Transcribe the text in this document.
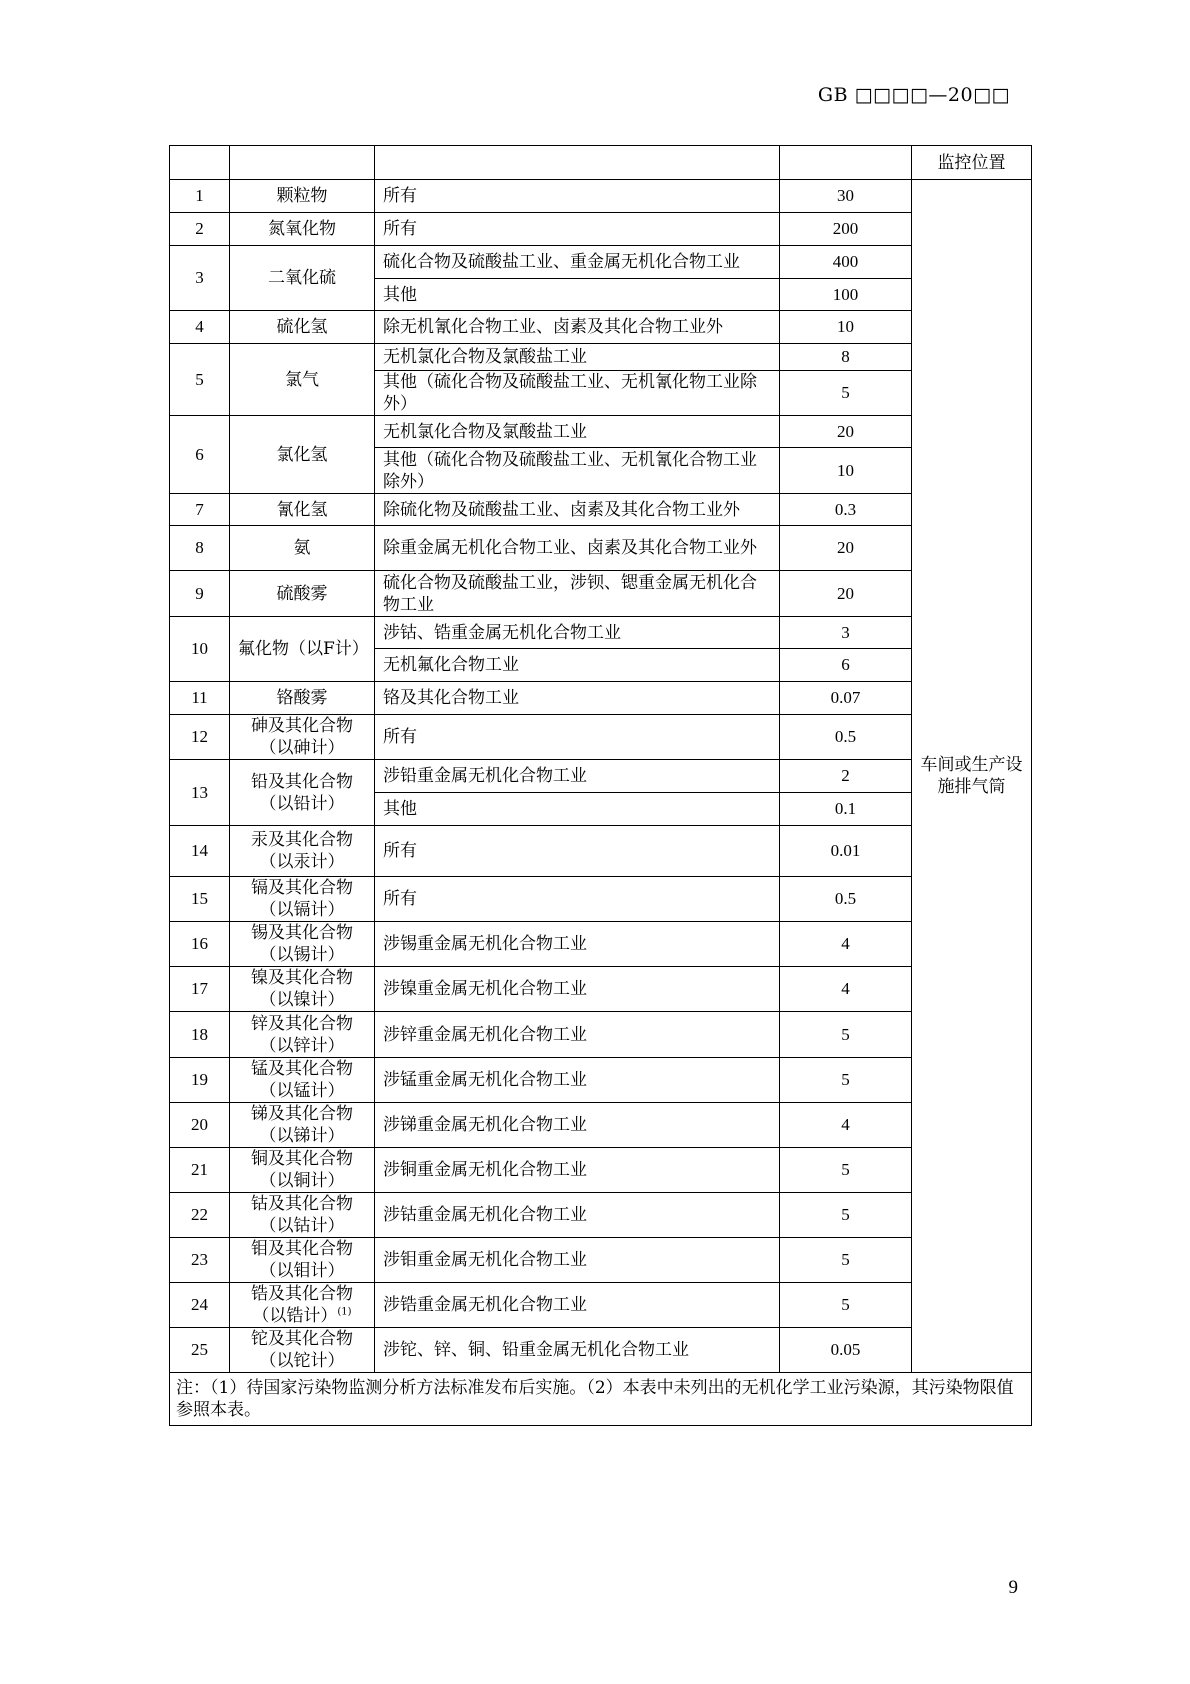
GB □□□□—20□□
				监控位置
1	颗粒物	所有	30	车间或生产设施排气筒
2	氮氧化物	所有	200	
3	二氧化硫	硫化合物及硫酸盐工业、重金属无机化合物工业	400	
		其他	100	
4	硫化氢	除无机氰化合物工业、卤素及其化合物工业外	10	
5	氯气	无机氯化合物及氯酸盐工业	8	
		其他（硫化合物及硫酸盐工业、无机氰化物工业除外）	5	
6	氯化氢	无机氯化合物及氯酸盐工业	20	
		其他（硫化合物及硫酸盐工业、无机氰化合物工业除外）	10	
7	氰化氢	除硫化物及硫酸盐工业、卤素及其化合物工业外	0.3	
8	氨	除重金属无机化合物工业、卤素及其化合物工业外	20	
9	硫酸雾	硫化合物及硫酸盐工业，涉钡、锶重金属无机化合物工业	20	
10	氟化物（以F计）	涉钴、锆重金属无机化合物工业	3	
		无机氟化合物工业	6	
11	铬酸雾	铬及其化合物工业	0.07	
12	砷及其化合物（以砷计）	所有	0.5	
13	铅及其化合物（以铅计）	涉铅重金属无机化合物工业	2	
		其他	0.1	
14	汞及其化合物（以汞计）	所有	0.01	
15	镉及其化合物（以镉计）	所有	0.5	
16	锡及其化合物（以锡计）	涉锡重金属无机化合物工业	4	
17	镍及其化合物（以镍计）	涉镍重金属无机化合物工业	4	
18	锌及其化合物（以锌计）	涉锌重金属无机化合物工业	5	
19	锰及其化合物（以锰计）	涉锰重金属无机化合物工业	5	
20	锑及其化合物（以锑计）	涉锑重金属无机化合物工业	4	
21	铜及其化合物（以铜计）	涉铜重金属无机化合物工业	5	
22	钴及其化合物（以钴计）	涉钴重金属无机化合物工业	5	
23	钼及其化合物（以钼计）	涉钼重金属无机化合物工业	5	
24	锆及其化合物（以锆计）$^{(1)}$	涉锆重金属无机化合物工业	5	
25	铊及其化合物（以铊计）	涉铊、锌、铜、铅重金属无机化合物工业	0.05	
注：（1）待国家污染物监测分析方法标准发布后实施。（2）本表中未列出的无机化学工业污染源，其污染物限值参照本表。				
9
